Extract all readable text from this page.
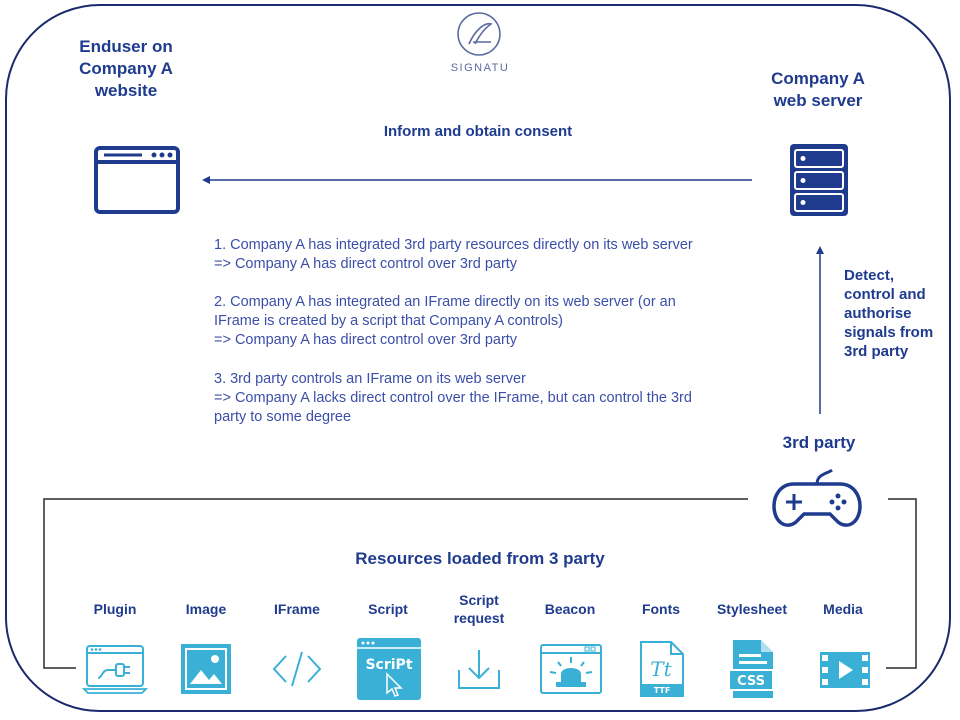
SIGNATU
Enduser on
Company A
website
Company A
web server
Inform and obtain consent
1. Company A has integrated 3rd party resources directly on its web server
=> Company A has direct control over 3rd party
2. Company A has integrated an IFrame directly on its web server (or an
IFrame is created by a script that Company A controls)
=> Company A has direct control over 3rd party
3. 3rd party controls an IFrame on its web server
=> Company A lacks direct control over the IFrame, but can control the 3rd
party to some degree
Detect,
control and
authorise
signals from
3rd party
3rd party
Resources loaded from 3 party
Plugin	Image	IFrame	Script
Script
request
Beacon	Fonts	Stylesheet	Media
ScriPt	Tt
TTF
CSS
